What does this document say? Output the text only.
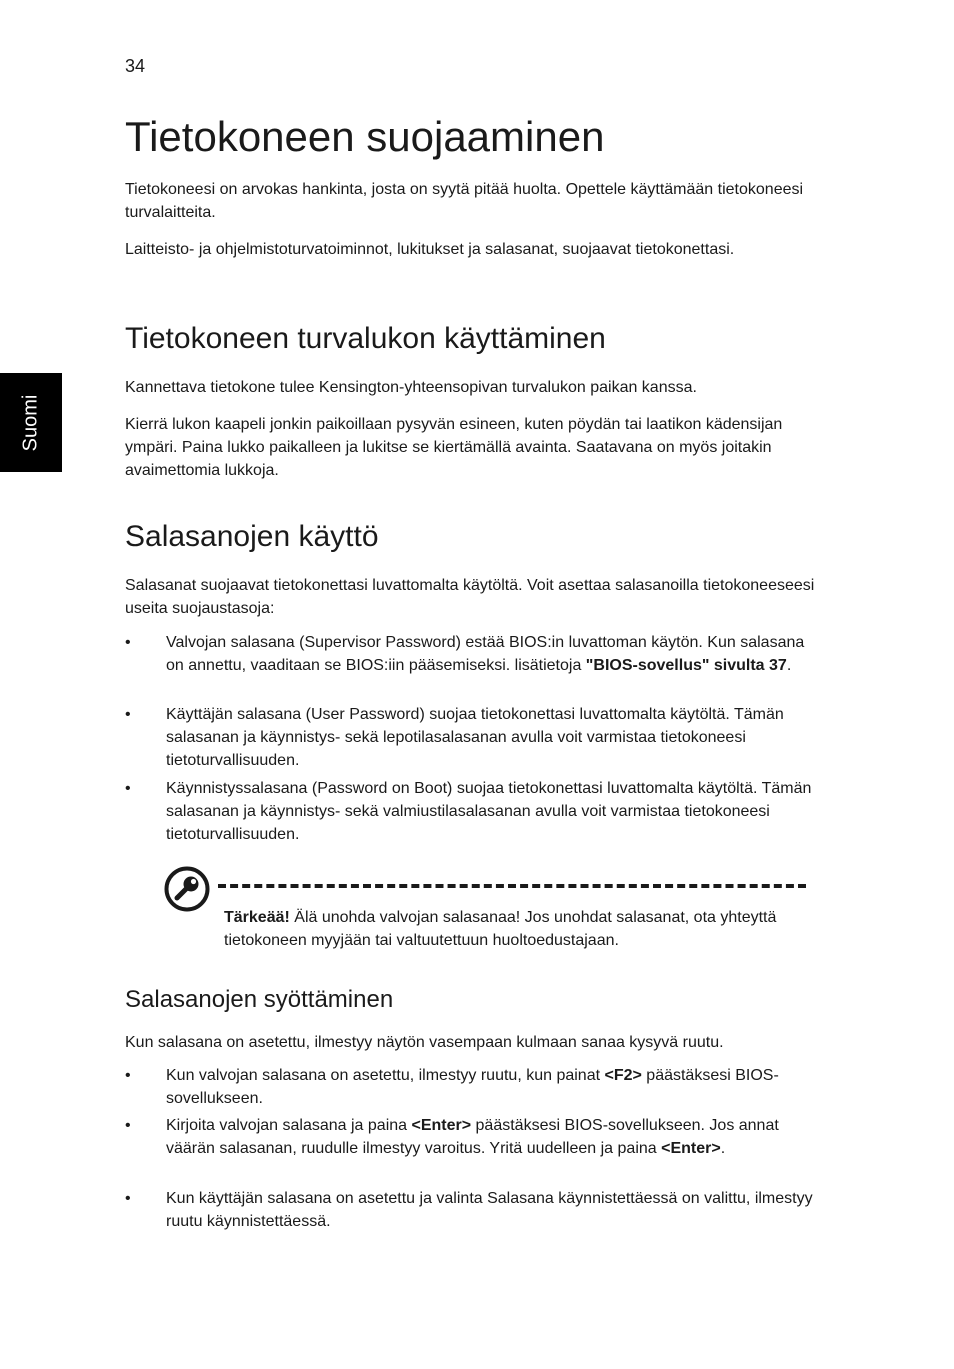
34
Suomi
Tietokoneen suojaaminen

Tietokoneesi on arvokas hankinta, josta on syytä pitää huolta. Opettele käyttämään tietokoneesi turvalaitteita.

Laitteisto- ja ohjelmistoturvatoiminnot, lukitukset ja salasanat, suojaavat tietokonettasi.

Tietokoneen turvalukon käyttäminen

Kannettava tietokone tulee Kensington-yhteensopivan turvalukon paikan kanssa.

Kierrä lukon kaapeli jonkin paikoillaan pysyvän esineen, kuten pöydän tai laatikon kädensijan ympäri. Paina lukko paikalleen ja lukitse se kiertämällä avainta. Saatavana on myös joitakin avaimettomia lukkoja.

Salasanojen käyttö

Salasanat suojaavat tietokonettasi luvattomalta käytöltä. Voit asettaa salasanoilla tietokoneeseesi useita suojaustasoja:

• Valvojan salasana (Supervisor Password) estää BIOS:in luvattoman käytön. Kun salasana on annettu, vaaditaan se BIOS:iin pääsemiseksi. lisätietoja "BIOS-sovellus" sivulta 37.

• Käyttäjän salasana (User Password) suojaa tietokonettasi luvattomalta käytöltä. Tämän salasanan ja käynnistys- sekä lepotilasalasanan avulla voit varmistaa tietokoneesi tietoturvallisuuden.

• Käynnistyssalasana (Password on Boot) suojaa tietokonettasi luvattomalta käytöltä. Tämän salasanan ja käynnistys- sekä valmiustilasalasanan avulla voit varmistaa tietokoneesi tietoturvallisuuden.

Tärkeää! Älä unohda valvojan salasanaa! Jos unohdat salasanat, ota yhteyttä tietokoneen myyjään tai valtuutettuun huoltoedustajaan.

Salasanojen syöttäminen

Kun salasana on asetettu, ilmestyy näytön vasempaan kulmaan sanaa kysyvä ruutu.

• Kun valvojan salasana on asetettu, ilmestyy ruutu, kun painat <F2> päästäksesi BIOS-sovellukseen.

• Kirjoita valvojan salasana ja paina <Enter> päästäksesi BIOS-sovellukseen. Jos annat väärän salasanan, ruudulle ilmestyy varoitus. Yritä uudelleen ja paina <Enter>.

• Kun käyttäjän salasana on asetettu ja valinta Salasana käynnistettäessä on valittu, ilmestyy ruutu käynnistettäessä.
